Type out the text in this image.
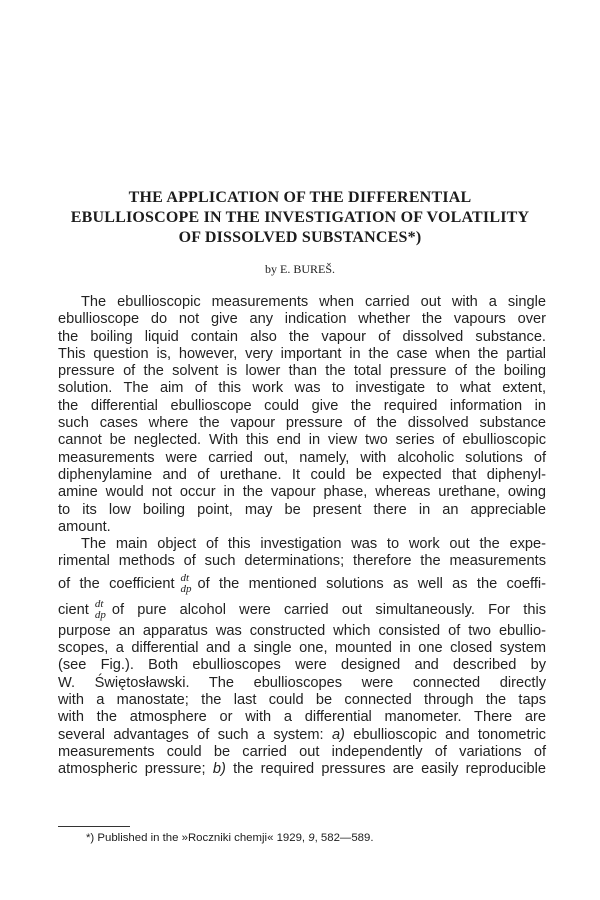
THE APPLICATION OF THE DIFFERENTIAL
EBULLIOSCOPE IN THE INVESTIGATION OF VOLATILITY
OF DISSOLVED SUBSTANCES*)

by E. BUREŠ.

The ebullioscopic measurements when carried out with a single
ebullioscope do not give any indication whether the vapours over
the boiling liquid contain also the vapour of dissolved substance.
This question is, however, very important in the case when the partial
pressure of the solvent is lower than the total pressure of the boiling
solution. The aim of this work was to investigate to what extent,
the differential ebullioscope could give the required information in
such cases where the vapour pressure of the dissolved substance
cannot be neglected. With this end in view two series of ebullioscopic
measurements were carried out, namely, with alcoholic solutions of
diphenylamine and of urethane. It could be expected that diphenyl-
amine would not occur in the vapour phase, whereas urethane, owing
to its low boiling point, may be present there in an appreciable
amount.
The main object of this investigation was to work out the expe-
rimental methods of such determinations; therefore the measurements
of the coefficient dt
dp of the mentioned solutions as well as the coeffi-
cient dt
dp of pure alcohol were carried out simultaneously. For this
purpose an apparatus was constructed which consisted of two ebullio-
scopes, a differential and a single one, mounted in one closed system
(see Fig.). Both ebullioscopes were designed and described by
W. Świętosławski. The ebullioscopes were connected directly
with a manostate; the last could be connected through the taps
with the atmosphere or with a differential manometer. There are
several advantages of such a system: a) ebullioscopic and tonometric
measurements could be carried out independently of variations of
atmospheric pressure; b) the required pressures are easily reproducible
*) Published in the »Roczniki chemji« 1929, 9, 582—589.
